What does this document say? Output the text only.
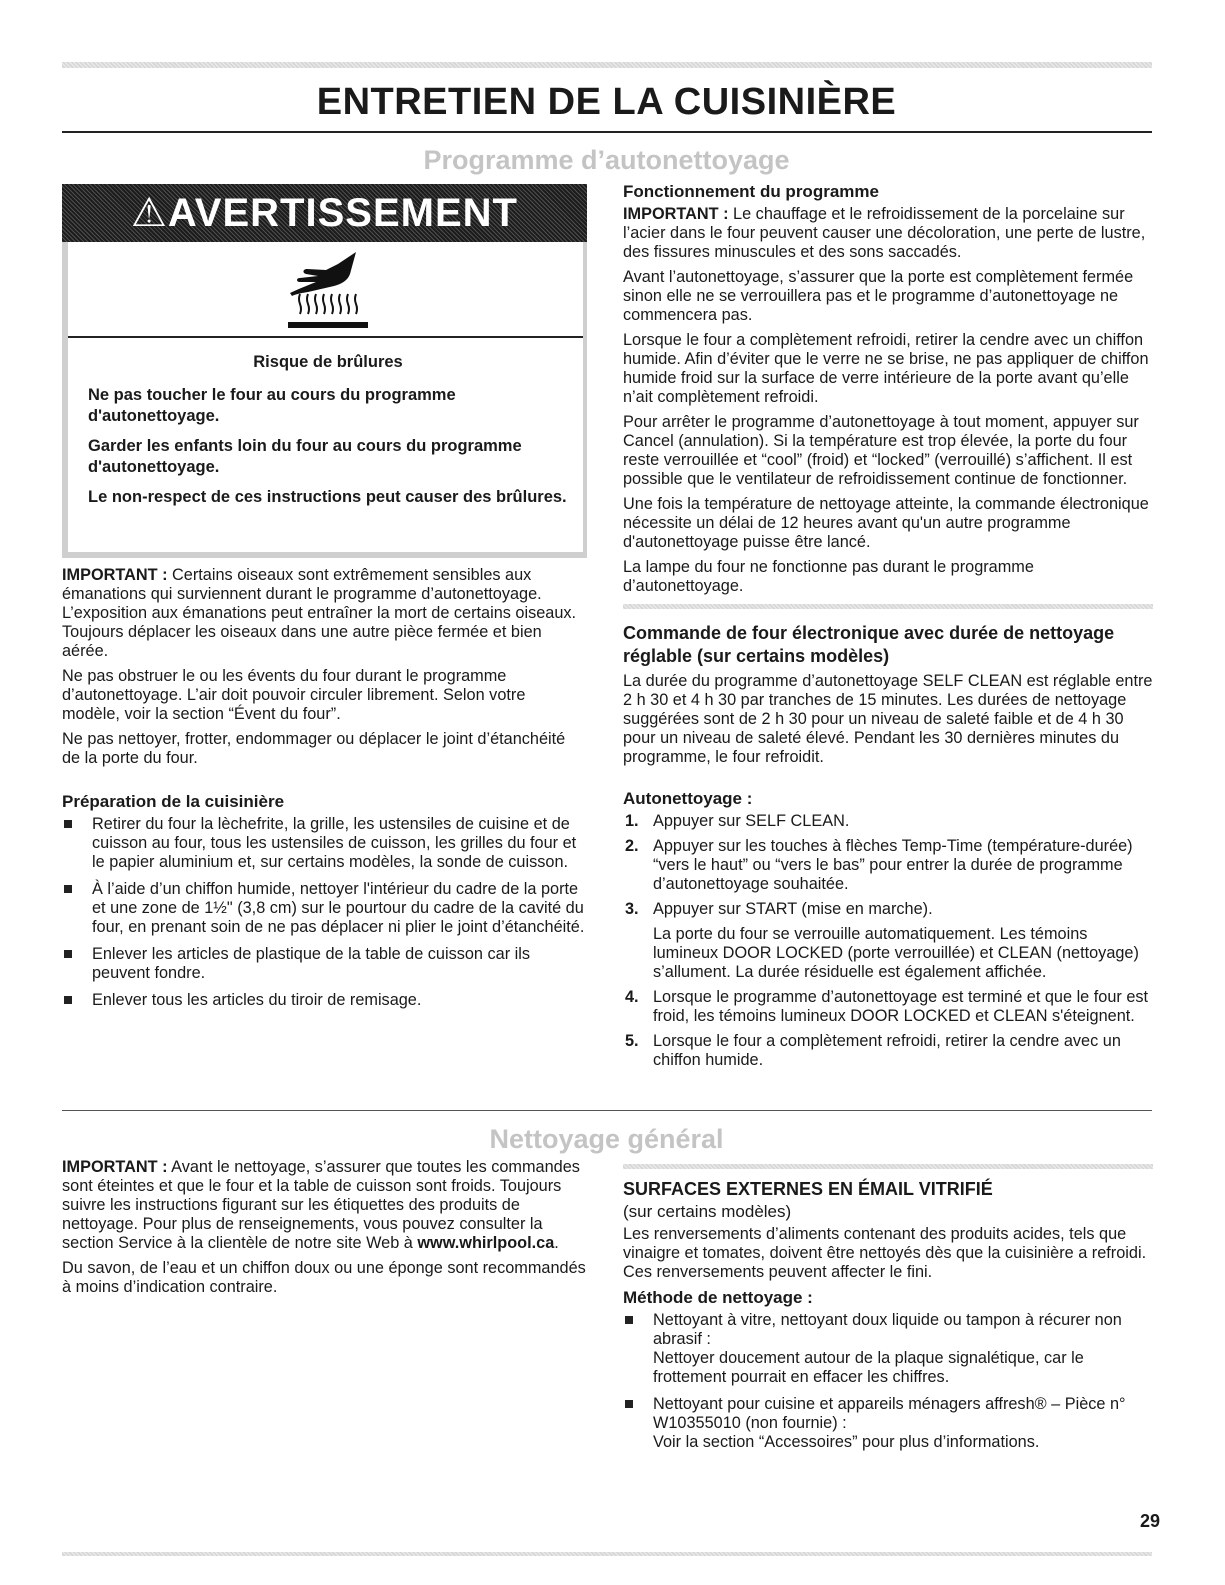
ENTRETIEN DE LA CUISINIÈRE
Programme d’autonettoyage
⚠AVERTISSEMENT

Risque de brûlures

Ne pas toucher le four au cours du programme d'autonettoyage.

Garder les enfants loin du four au cours du programme d'autonettoyage.

Le non-respect de ces instructions peut causer des brûlures.

IMPORTANT : Certains oiseaux sont extrêmement sensibles aux émanations qui surviennent durant le programme d’autonettoyage. L’exposition aux émanations peut entraîner la mort de certains oiseaux. Toujours déplacer les oiseaux dans une autre pièce fermée et bien aérée.

Ne pas obstruer le ou les évents du four durant le programme d’autonettoyage. L’air doit pouvoir circuler librement. Selon votre modèle, voir la section “Évent du four”.

Ne pas nettoyer, frotter, endommager ou déplacer le joint d’étanchéité de la porte du four.

Préparation de la cuisinière
Retirer du four la lèchefrite, la grille, les ustensiles de cuisine et de cuisson au four, tous les ustensiles de cuisson, les grilles du four et le papier aluminium et, sur certains modèles, la sonde de cuisson.
À l’aide d’un chiffon humide, nettoyer l'intérieur du cadre de la porte et une zone de 1½" (3,8 cm) sur le pourtour du cadre de la cavité du four, en prenant soin de ne pas déplacer ni plier le joint d’étanchéité.
Enlever les articles de plastique de la table de cuisson car ils peuvent fondre.
Enlever tous les articles du tiroir de remisage.
Fonctionnement du programme

IMPORTANT : Le chauffage et le refroidissement de la porcelaine sur l’acier dans le four peuvent causer une décoloration, une perte de lustre, des fissures minuscules et des sons saccadés.

Avant l’autonettoyage, s’assurer que la porte est complètement fermée sinon elle ne se verrouillera pas et le programme d’autonettoyage ne commencera pas.

Lorsque le four a complètement refroidi, retirer la cendre avec un chiffon humide. Afin d’éviter que le verre ne se brise, ne pas appliquer de chiffon humide froid sur la surface de verre intérieure de la porte avant qu’elle n’ait complètement refroidi.

Pour arrêter le programme d’autonettoyage à tout moment, appuyer sur Cancel (annulation). Si la température est trop élevée, la porte du four reste verrouillée et “cool” (froid) et “locked” (verrouillé) s’affichent. Il est possible que le ventilateur de refroidissement continue de fonctionner.

Une fois la température de nettoyage atteinte, la commande électronique nécessite un délai de 12 heures avant qu'un autre programme d'autonettoyage puisse être lancé.

La lampe du four ne fonctionne pas durant le programme d’autonettoyage.

Commande de four électronique avec durée de nettoyage réglable (sur certains modèles)

La durée du programme d’autonettoyage SELF CLEAN est réglable entre 2 h 30 et 4 h 30 par tranches de 15 minutes. Les durées de nettoyage suggérées sont de 2 h 30 pour un niveau de saleté faible et de 4 h 30 pour un niveau de saleté élevé. Pendant les 30 dernières minutes du programme, le four refroidit.

Autonettoyage :
1. Appuyer sur SELF CLEAN.
2. Appuyer sur les touches à flèches Temp-Time (température-durée) “vers le haut” ou “vers le bas” pour entrer la durée de programme d’autonettoyage souhaitée.
3. Appuyer sur START (mise en marche).
La porte du four se verrouille automatiquement. Les témoins lumineux DOOR LOCKED (porte verrouillée) et CLEAN (nettoyage) s’allument. La durée résiduelle est également affichée.
4. Lorsque le programme d’autonettoyage est terminé et que le four est froid, les témoins lumineux DOOR LOCKED et CLEAN s'éteignent.
5. Lorsque le four a complètement refroidi, retirer la cendre avec un chiffon humide.
Nettoyage général

IMPORTANT : Avant le nettoyage, s’assurer que toutes les commandes sont éteintes et que le four et la table de cuisson sont froids. Toujours suivre les instructions figurant sur les étiquettes des produits de nettoyage. Pour plus de renseignements, vous pouvez consulter la section Service à la clientèle de notre site Web à www.whirlpool.ca.

Du savon, de l’eau et un chiffon doux ou une éponge sont recommandés à moins d’indication contraire.

SURFACES EXTERNES EN ÉMAIL VITRIFIÉ

(sur certains modèles)

Les renversements d’aliments contenant des produits acides, tels que vinaigre et tomates, doivent être nettoyés dès que la cuisinière a refroidi. Ces renversements peuvent affecter le fini.

Méthode de nettoyage :
Nettoyant à vitre, nettoyant doux liquide ou tampon à récurer non abrasif :
Nettoyer doucement autour de la plaque signalétique, car le frottement pourrait en effacer les chiffres.
Nettoyant pour cuisine et appareils ménagers affresh® – Pièce n° W10355010 (non fournie) :
Voir la section “Accessoires” pour plus d’informations.
29
